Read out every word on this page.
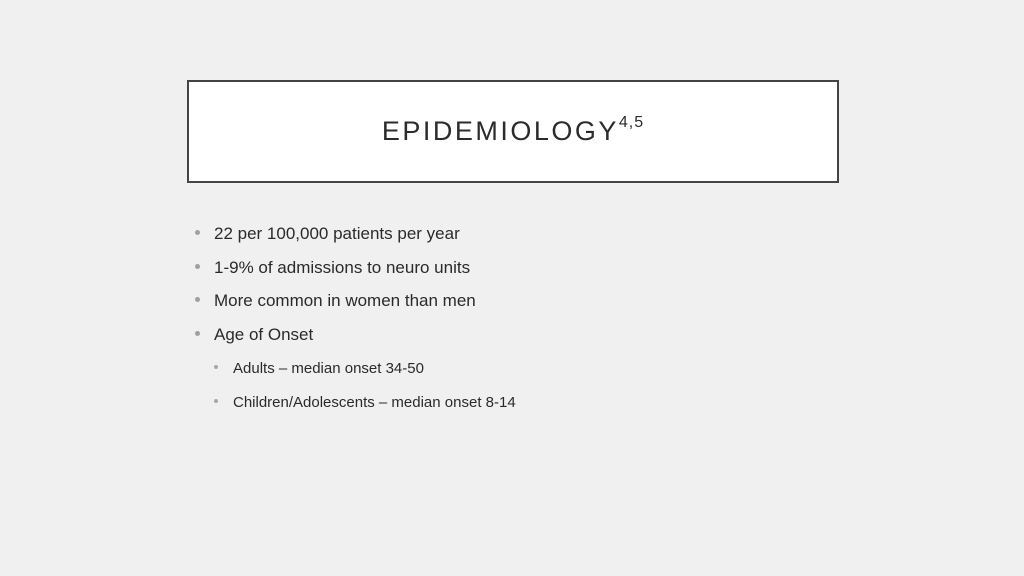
EPIDEMIOLOGY$^{4,5}$
22 per 100,000 patients per year
1-9% of admissions to neuro units
More common in women than men
Age of Onset
Adults – median onset 34-50
Children/Adolescents – median onset 8-14
